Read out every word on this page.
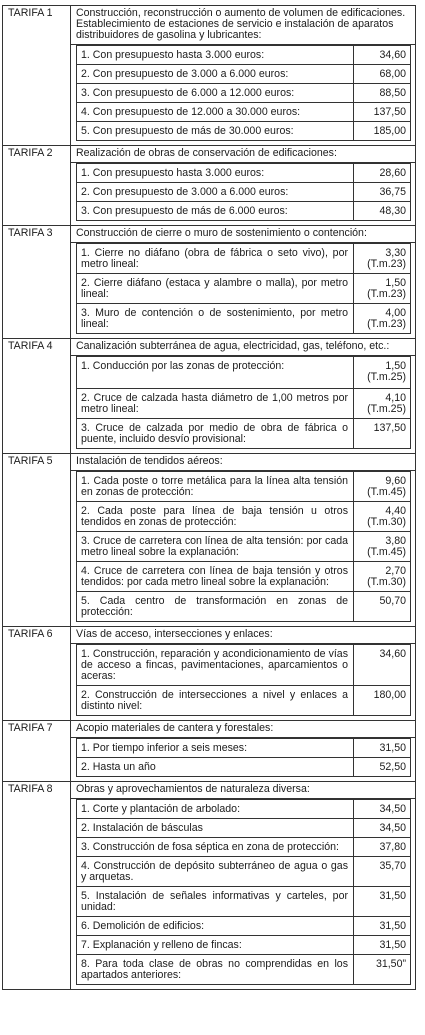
TARIFA 1	Construcción, reconstrucción o aumento de volumen de edificaciones. Establecimiento de estaciones de servicio e instalación de aparatos distribuidores de gasolina y lubricantes:

1. Con presupuesto hasta 3.000 euros:	34,60
2. Con presupuesto de 3.000 a 6.000 euros:	68,00
3. Con presupuesto de 6.000 a 12.000 euros:	88,50
4. Con presupuesto de 12.000 a 30.000 euros:	137,50
5. Con presupuesto de más de 30.000 euros:	185,00

TARIFA 2	Realización de obras de conservación de edificaciones:

1. Con presupuesto hasta 3.000 euros:	28,60
2. Con presupuesto de 3.000 a 6.000 euros:	36,75
3. Con presupuesto de más de 6.000 euros:	48,30

TARIFA 3	Construcción de cierre o muro de sostenimiento o contención:

1. Cierre no diáfano (obra de fábrica o seto vivo), por metro lineal:	3,30
(T.m.23)

2. Cierre diáfano (estaca y alambre o malla), por metro lineal:	1,50
(T.m.23)

3. Muro de contención o de sostenimiento, por metro lineal:	4,00
(T.m.23)

TARIFA 4	Canalización subterránea de agua, electricidad, gas, teléfono, etc.:

1. Conducción por las zonas de protección:	1,50
(T.m.25)

2. Cruce de calzada hasta diámetro de 1,00 metros por metro lineal:	4,10
(T.m.25)

3. Cruce de calzada por medio de obra de fábrica o puente, incluido desvío provisional:	137,50

TARIFA 5	Instalación de tendidos aéreos:

1. Cada poste o torre metálica para la línea alta tensión en zonas de protección:	9,60
(T.m.45)

2. Cada poste para línea de baja tensión u otros tendidos en zonas de protección:	4,40
(T.m.30)

3. Cruce de carretera con línea de alta tensión: por cada metro lineal sobre la explanación:	3,80
(T.m.45)

4. Cruce de carretera con línea de baja tensión y otros tendidos: por cada metro lineal sobre la explanación:	2,70
(T.m.30)

5. Cada centro de transformación en zonas de protección:	50,70

TARIFA 6	Vías de acceso, intersecciones y enlaces:

1. Construcción, reparación y acondicionamiento de vías de acceso a fincas, pavimentaciones, aparcamientos o aceras:	34,60
2. Construcción de intersecciones a nivel y enlaces a distinto nivel:	180,00

TARIFA 7	Acopio materiales de cantera y forestales:

1. Por tiempo inferior a seis meses:	31,50
2. Hasta un año	52,50

TARIFA 8	Obras y aprovechamientos de naturaleza diversa:

1. Corte y plantación de arbolado:	34,50
2. Instalación de básculas	34,50
3. Construcción de fosa séptica en zona de protección:	37,80
4. Construcción de depósito subterráneo de agua o gas y arquetas.	35,70
5. Instalación de señales informativas y carteles, por unidad:	31,50
6. Demolición de edificios:	31,50
7. Explanación y relleno de fincas:	31,50
8. Para toda clase de obras no comprendidas en los apartados anteriores:	31,50”
